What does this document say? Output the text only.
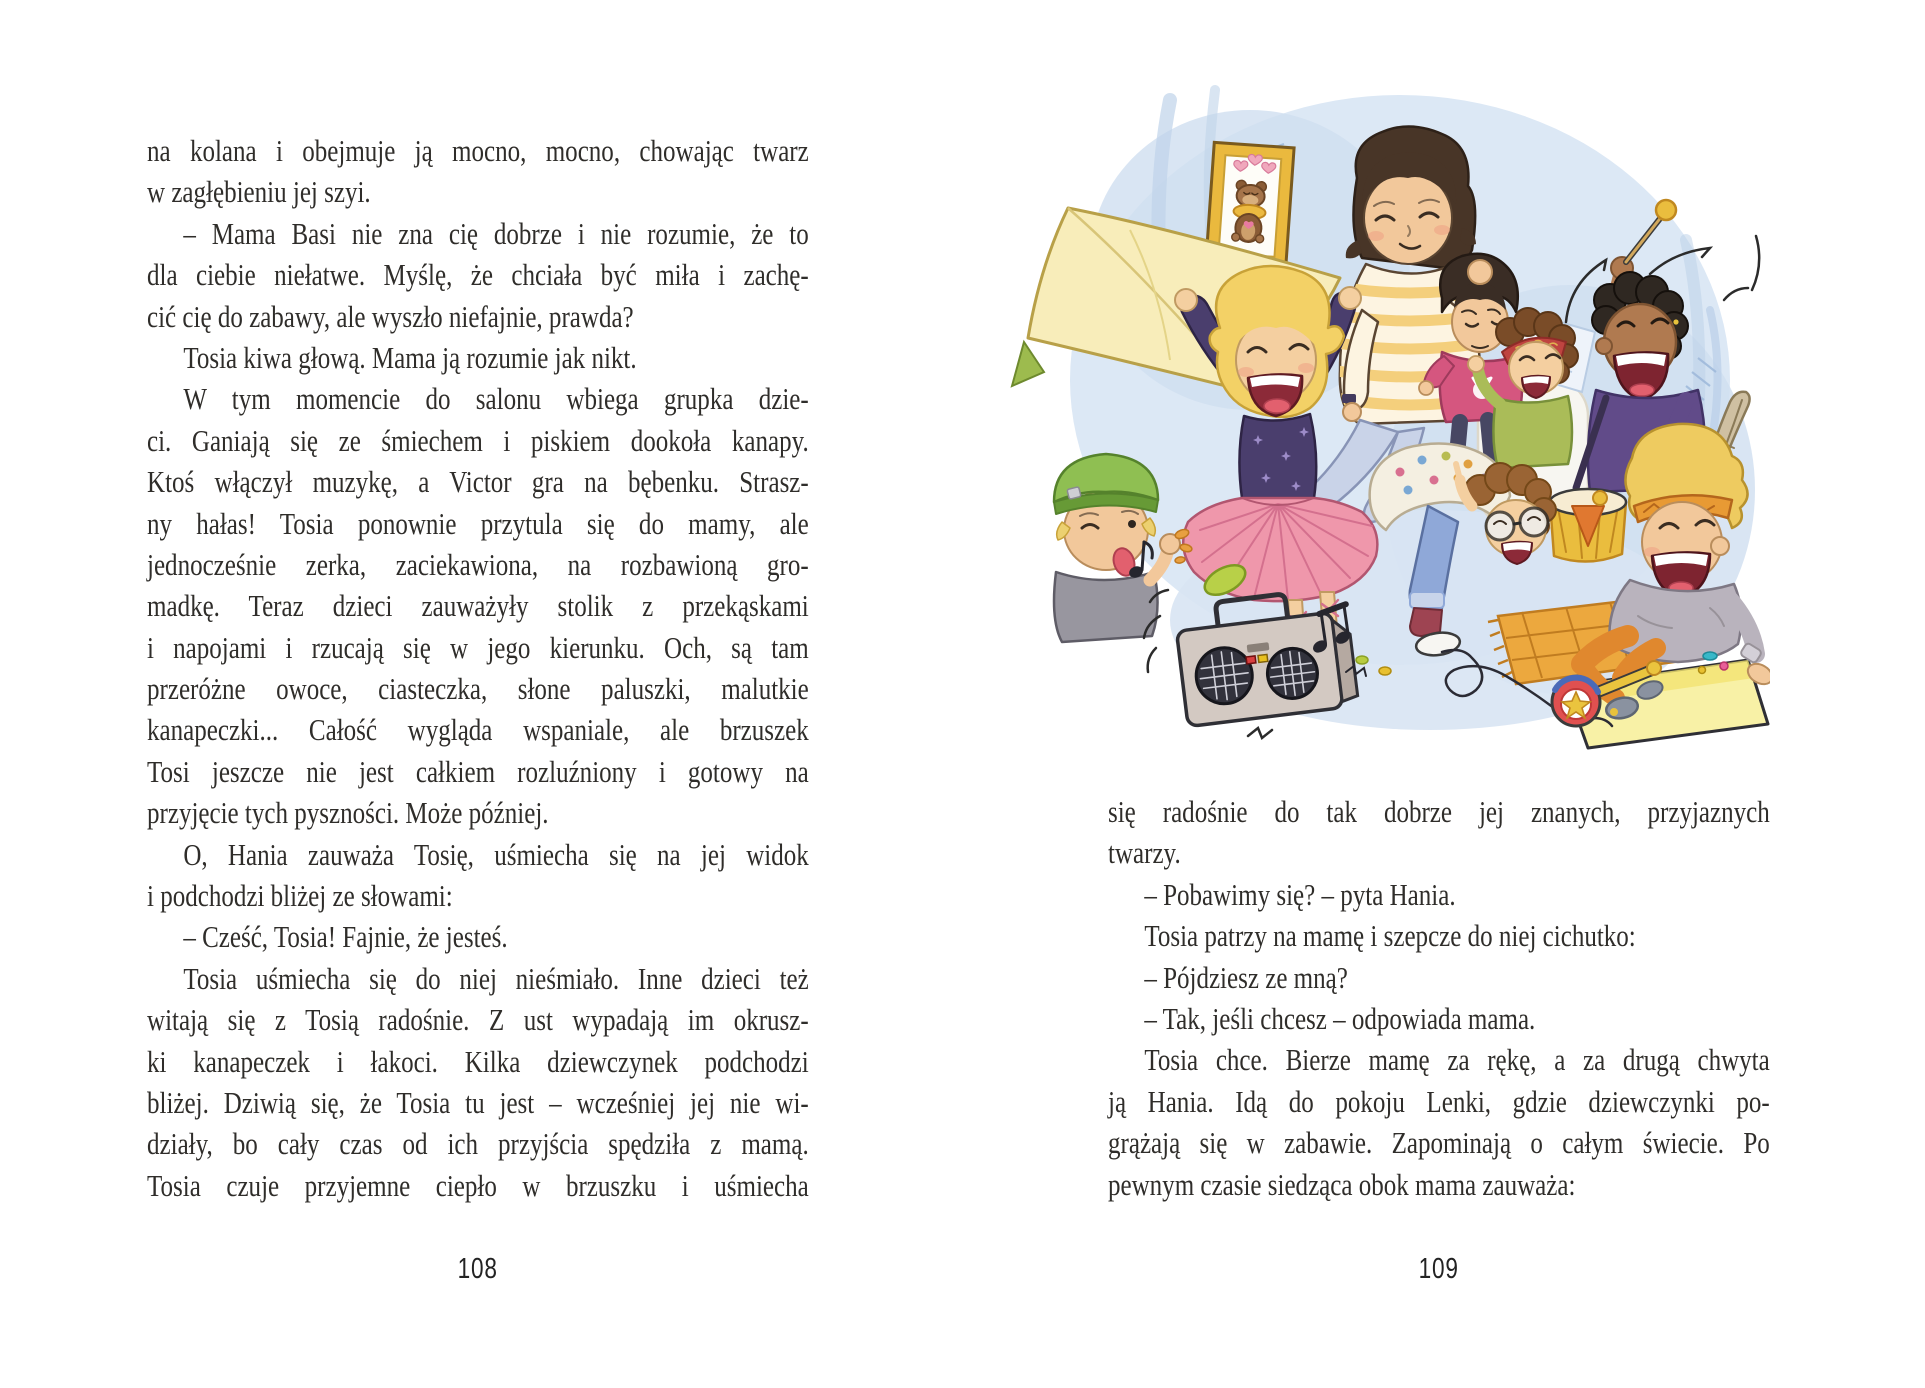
na kolana i obejmuje ją mocno, mocno, chowając twarz
w zagłębieniu jej szyi.
– Mama Basi nie zna cię dobrze i nie rozumie, że to
dla ciebie niełatwe. Myślę, że chciała być miła i zachę-
cić cię do zabawy, ale wyszło niefajnie, prawda?
Tosia kiwa głową. Mama ją rozumie jak nikt.
W tym momencie do salonu wbiega grupka dzie-
ci. Ganiają się ze śmiechem i piskiem dookoła kanapy.
Ktoś włączył muzykę, a Victor gra na bębenku. Strasz-
ny hałas! Tosia ponownie przytula się do mamy, ale
jednocześnie zerka, zaciekawiona, na rozbawioną gro-
madkę. Teraz dzieci zauważyły stolik z przekąskami
i napojami i rzucają się w jego kierunku. Och, są tam
przeróżne owoce, ciasteczka, słone paluszki, malutkie
kanapeczki... Całość wygląda wspaniale, ale brzuszek
Tosi jeszcze nie jest całkiem rozluźniony i gotowy na
przyjęcie tych pyszności. Może później.
O, Hania zauważa Tosię, uśmiecha się na jej widok
i podchodzi bliżej ze słowami:
– Cześć, Tosia! Fajnie, że jesteś.
Tosia uśmiecha się do niej nieśmiało. Inne dzieci też
witają się z Tosią radośnie. Z ust wypadają im okrusz-
ki kanapeczek i łakoci. Kilka dziewczynek podchodzi
bliżej. Dziwią się, że Tosia tu jest – wcześniej jej nie wi-
działy, bo cały czas od ich przyjścia spędziła z mamą.
Tosia czuje przyjemne ciepło w brzuszku i uśmiecha
108
się radośnie do tak dobrze jej znanych, przyjaznych
twarzy.
– Pobawimy się? – pyta Hania.
Tosia patrzy na mamę i szepcze do niej cichutko:
– Pójdziesz ze mną?
– Tak, jeśli chcesz – odpowiada mama.
Tosia chce. Bierze mamę za rękę, a za drugą chwyta
ją Hania. Idą do pokoju Lenki, gdzie dziewczynki po-
grążają się w zabawie. Zapominają o całym świecie. Po
pewnym czasie siedząca obok mama zauważa:
109
